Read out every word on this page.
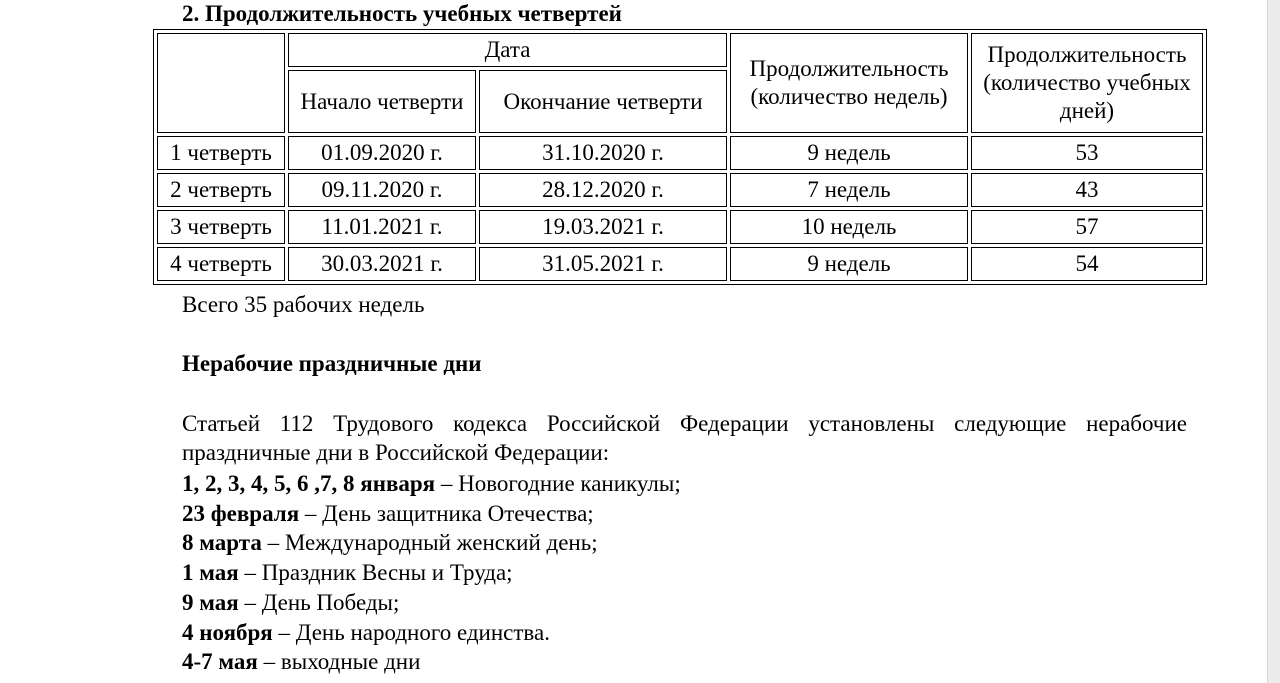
2. Продолжительность учебных четвертей
	Дата		Продолжительность (количество недель)	Продолжительность (количество учебных дней)
	Начало четверти	Окончание четверти		
1 четверть	01.09.2020 г.	31.10.2020 г.	9 недель	53
2 четверть	09.11.2020 г.	28.12.2020 г.	7 недель	43
3 четверть	11.01.2021 г.	19.03.2021 г.	10 недель	57
4 четверть	30.03.2021 г.	31.05.2021 г.	9 недель	54

Всего 35 рабочих недель

Нерабочие праздничные дни

Статьей 112 Трудового кодекса Российской Федерации установлены следующие нерабочие праздничные дни в Российской Федерации:

1, 2, 3, 4, 5, 6 ,7, 8 января – Новогодние каникулы;
23 февраля – День защитника Отечества;
8 марта – Международный женский день;
1 мая – Праздник Весны и Труда;
9 мая – День Победы;
4 ноября – День народного единства.
4-7 мая – выходные дни
